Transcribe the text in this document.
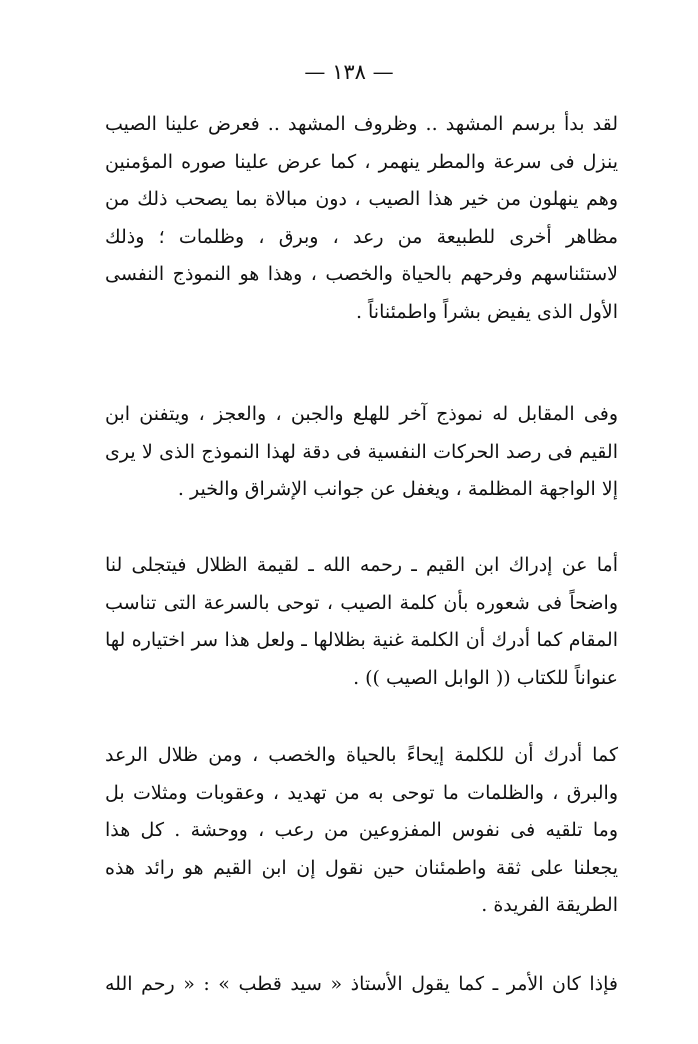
— ١٣٨ —

لقد بدأ برسم المشهد .. وظروف المشهد .. فعرض علينا الصيب ينزل فى سرعة والمطر ينهمر ، كما عرض علينا صوره المؤمنين وهم ينهلون من خير هذا الصيب ، دون مبالاة بما يصحب ذلك من مظاهر أخرى للطبيعة من رعد ، وبرق ، وظلمات ؛ وذلك لاستئناسهم وفرحهم بالحياة والخصب ، وهذا هو النموذج النفسى الأول الذى يفيض بشراً واطمئناناً .

وفى المقابل له نموذج آخر للهلع والجبن ، والعجز ، ويتفنن ابن القيم فى رصد الحركات النفسية فى دقة لهذا النموذج الذى لا يرى إلا الواجهة المظلمة ، ويغفل عن جوانب الإشراق والخير .

أما عن إدراك ابن القيم ـ رحمه الله ـ لقيمة الظلال فيتجلى لنا واضحاً فى شعوره بأن كلمة الصيب ، توحى بالسرعة التى تناسب المقام كما أدرك أن الكلمة غنية بظلالها ـ ولعل هذا سر اختياره لها عنواناً للكتاب (( الوابل الصيب )) .

كما أدرك أن للكلمة إيحاءً بالحياة والخصب ، ومن ظلال الرعد والبرق ، والظلمات ما توحى به من تهديد ، وعقوبات ومثلات بل وما تلقيه فى نفوس المفزوعين من رعب ، ووحشة . كل هذا يجعلنا على ثقة واطمئنان حين نقول إن ابن القيم هو رائد هذه الطريقة الفريدة .

فإذا كان الأمر ـ كما يقول الأستاذ « سيد قطب » : « رحم الله
